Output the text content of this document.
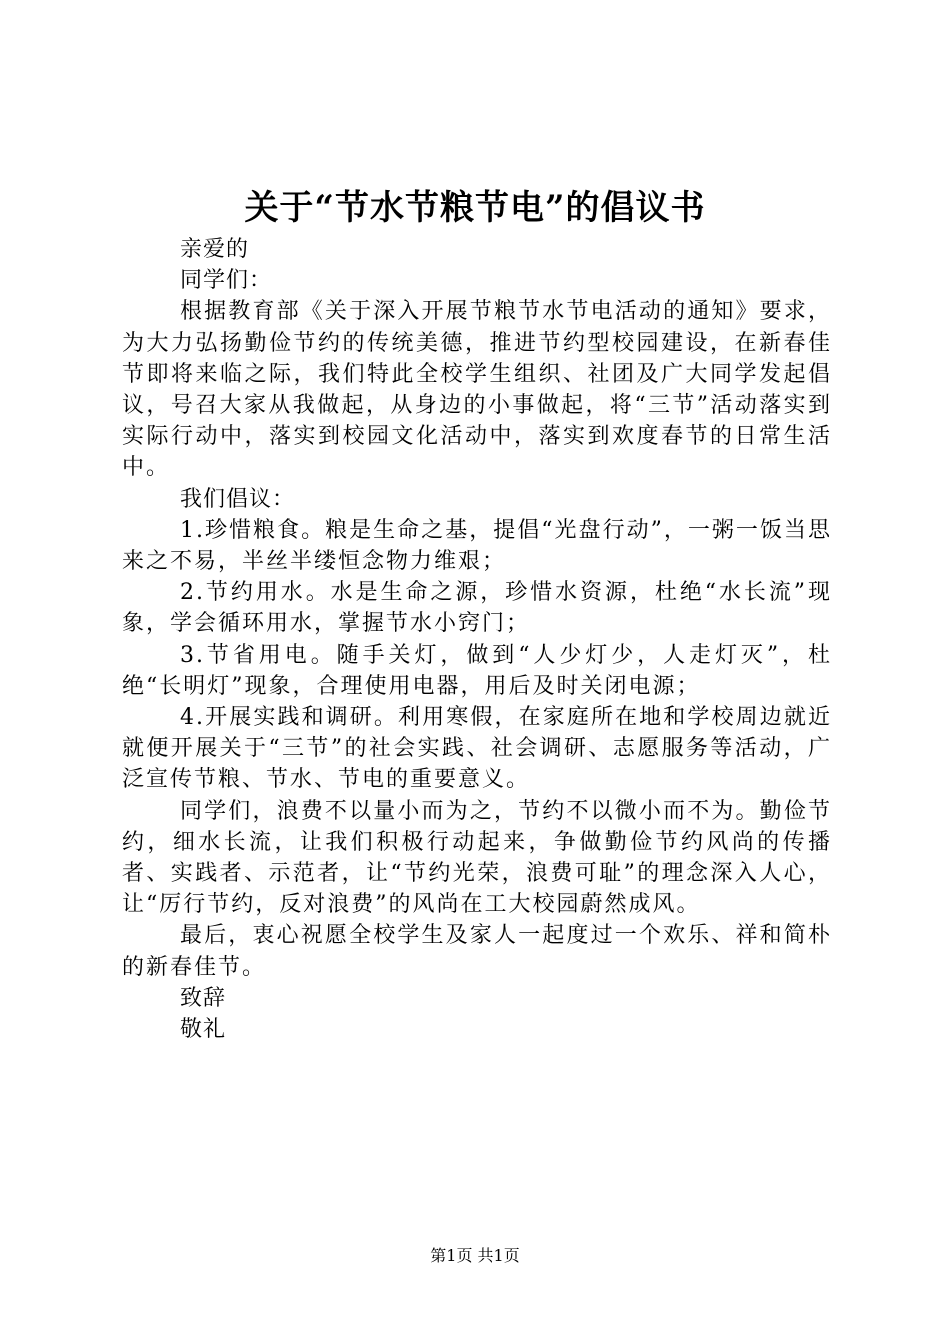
关于“节水节粮节电”的倡议书
亲爱的
同学们：

根据教育部《关于深入开展节粮节水节电活动的通知》要求，为大力弘扬勤俭节约的传统美德，推进节约型校园建设，在新春佳节即将来临之际，我们特此全校学生组织、社团及广大同学发起倡议，号召大家从我做起，从身边的小事做起，将“三节”活动落实到实际行动中，落实到校园文化活动中，落实到欢度春节的日常生活中。

我们倡议：

1.珍惜粮食。粮是生命之基，提倡“光盘行动”，一粥一饭当思来之不易，半丝半缕恒念物力维艰；

2.节约用水。水是生命之源，珍惜水资源，杜绝“水长流”现象，学会循环用水，掌握节水小窍门；

3.节省用电。随手关灯，做到“人少灯少，人走灯灭”，杜绝“长明灯”现象，合理使用电器，用后及时关闭电源；

4.开展实践和调研。利用寒假，在家庭所在地和学校周边就近就便开展关于“三节”的社会实践、社会调研、志愿服务等活动，广泛宣传节粮、节水、节电的重要意义。

同学们，浪费不以量小而为之，节约不以微小而不为。勤俭节约，细水长流，让我们积极行动起来，争做勤俭节约风尚的传播者、实践者、示范者，让“节约光荣，浪费可耻”的理念深入人心，让“厉行节约，反对浪费”的风尚在工大校园蔚然成风。

最后，衷心祝愿全校学生及家人一起度过一个欢乐、祥和简朴的新春佳节。

致辞
敬礼
第1页 共1页
